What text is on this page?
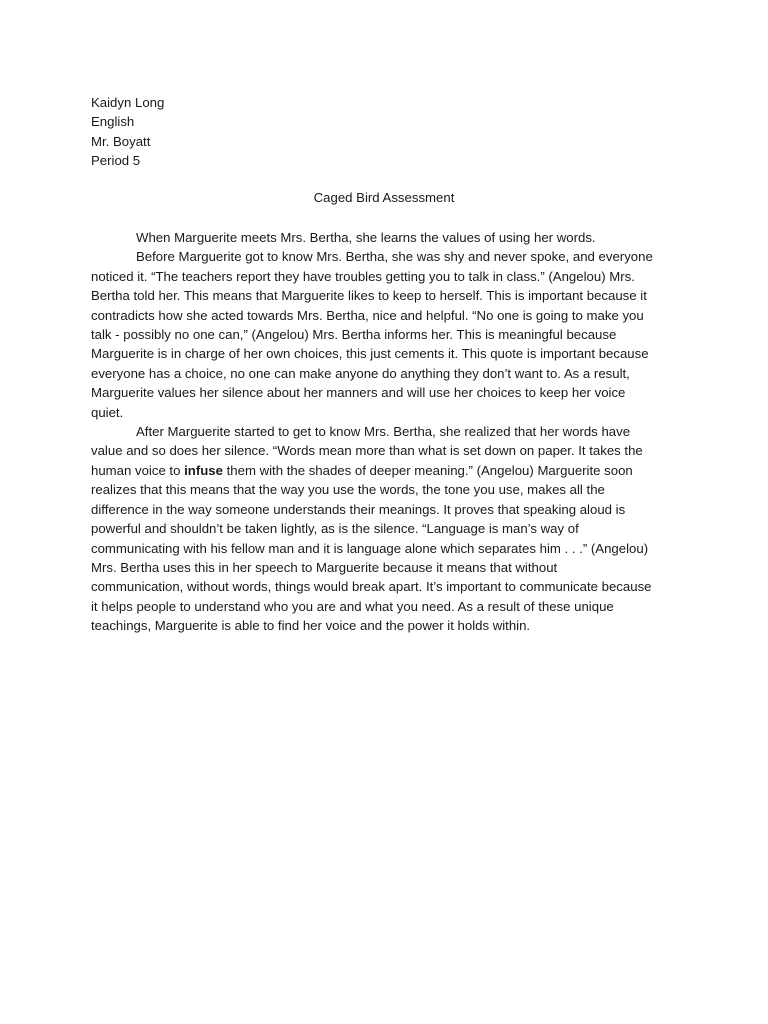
Kaidyn Long
English
Mr. Boyatt
Period 5
Caged Bird Assessment
When Marguerite meets Mrs. Bertha, she learns the values of using her words.
Before Marguerite got to know Mrs. Bertha, she was shy and never spoke, and everyone
noticed it. “The teachers report they have troubles getting you to talk in class.” (Angelou) Mrs.
Bertha told her. This means that Marguerite likes to keep to herself. This is important because it
contradicts how she acted towards Mrs. Bertha, nice and helpful. “No one is going to make you
talk - possibly no one can,” (Angelou) Mrs. Bertha informs her. This is meaningful because
Marguerite is in charge of her own choices, this just cements it. This quote is important because
everyone has a choice, no one can make anyone do anything they don’t want to. As a result,
Marguerite values her silence about her manners and will use her choices to keep her voice
quiet.
After Marguerite started to get to know Mrs. Bertha, she realized that her words have
value and so does her silence. “Words mean more than what is set down on paper. It takes the
human voice to infuse them with the shades of deeper meaning.” (Angelou) Marguerite soon
realizes that this means that the way you use the words, the tone you use, makes all the
difference in the way someone understands their meanings. It proves that speaking aloud is
powerful and shouldn’t be taken lightly, as is the silence. “Language is man’s way of
communicating with his fellow man and it is language alone which separates him . . .” (Angelou)
Mrs. Bertha uses this in her speech to Marguerite because it means that without
communication, without words, things would break apart. It’s important to communicate because
it helps people to understand who you are and what you need. As a result of these unique
teachings, Marguerite is able to find her voice and the power it holds within.
